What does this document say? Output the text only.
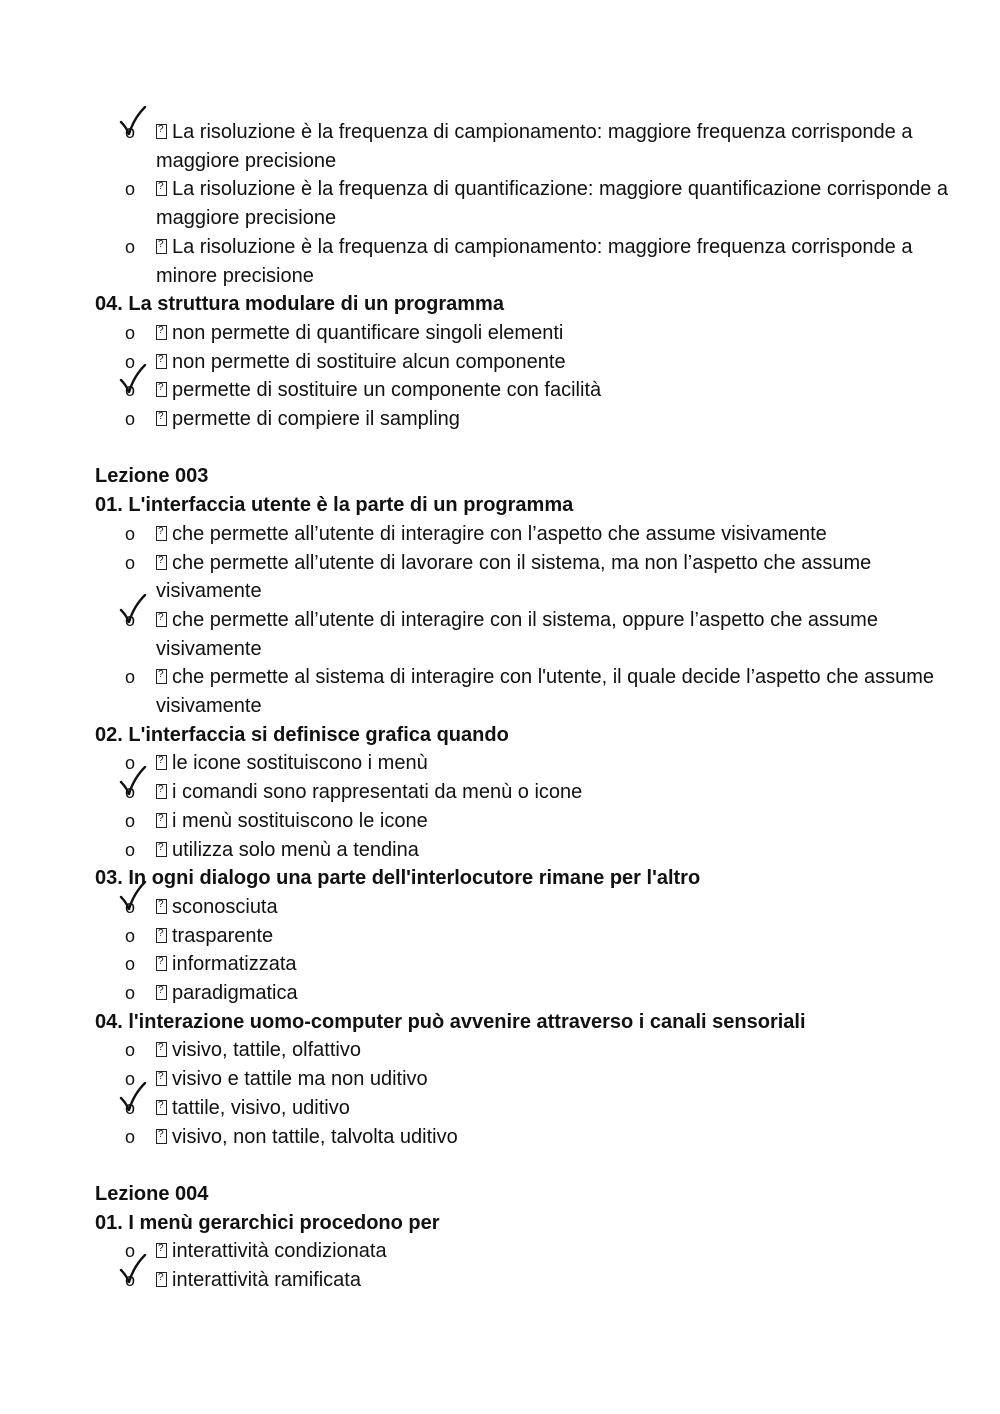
o ? La risoluzione è la frequenza di campionamento: maggiore frequenza corrisponde a maggiore precisione
o ? La risoluzione è la frequenza di quantificazione: maggiore quantificazione corrisponde a maggiore precisione
o ? La risoluzione è la frequenza di campionamento: maggiore frequenza corrisponde a minore precisione
04. La struttura modulare di un programma
o ? non permette di quantificare singoli elementi
o ? non permette di sostituire alcun componente
o ? permette di sostituire un componente con facilità
o ? permette di compiere il sampling
Lezione 003
01. L'interfaccia utente è la parte di un programma
o ? che permette all’utente di interagire con l’aspetto che assume visivamente
o ? che permette all’utente di lavorare con il sistema, ma non l’aspetto che assume visivamente
o ? che permette all’utente di interagire con il sistema, oppure l’aspetto che assume visivamente
o ? che permette al sistema di interagire con l'utente, il quale decide l’aspetto che assume visivamente
02. L'interfaccia si definisce grafica quando
o ? le icone sostituiscono i menù
o ? i comandi sono rappresentati da menù o icone
o ? i menù sostituiscono le icone
o ? utilizza solo menù a tendina
03. In ogni dialogo una parte dell'interlocutore rimane per l'altro
o ? sconosciuta
o ? trasparente
o ? informatizzata
o ? paradigmatica
04. l'interazione uomo-computer può avvenire attraverso i canali sensoriali
o ? visivo, tattile, olfattivo
o ? visivo e tattile ma non uditivo
o ? tattile, visivo, uditivo
o ? visivo, non tattile, talvolta uditivo
Lezione 004
01. I menù gerarchici procedono per
o ? interattività condizionata
o ? interattività ramificata
